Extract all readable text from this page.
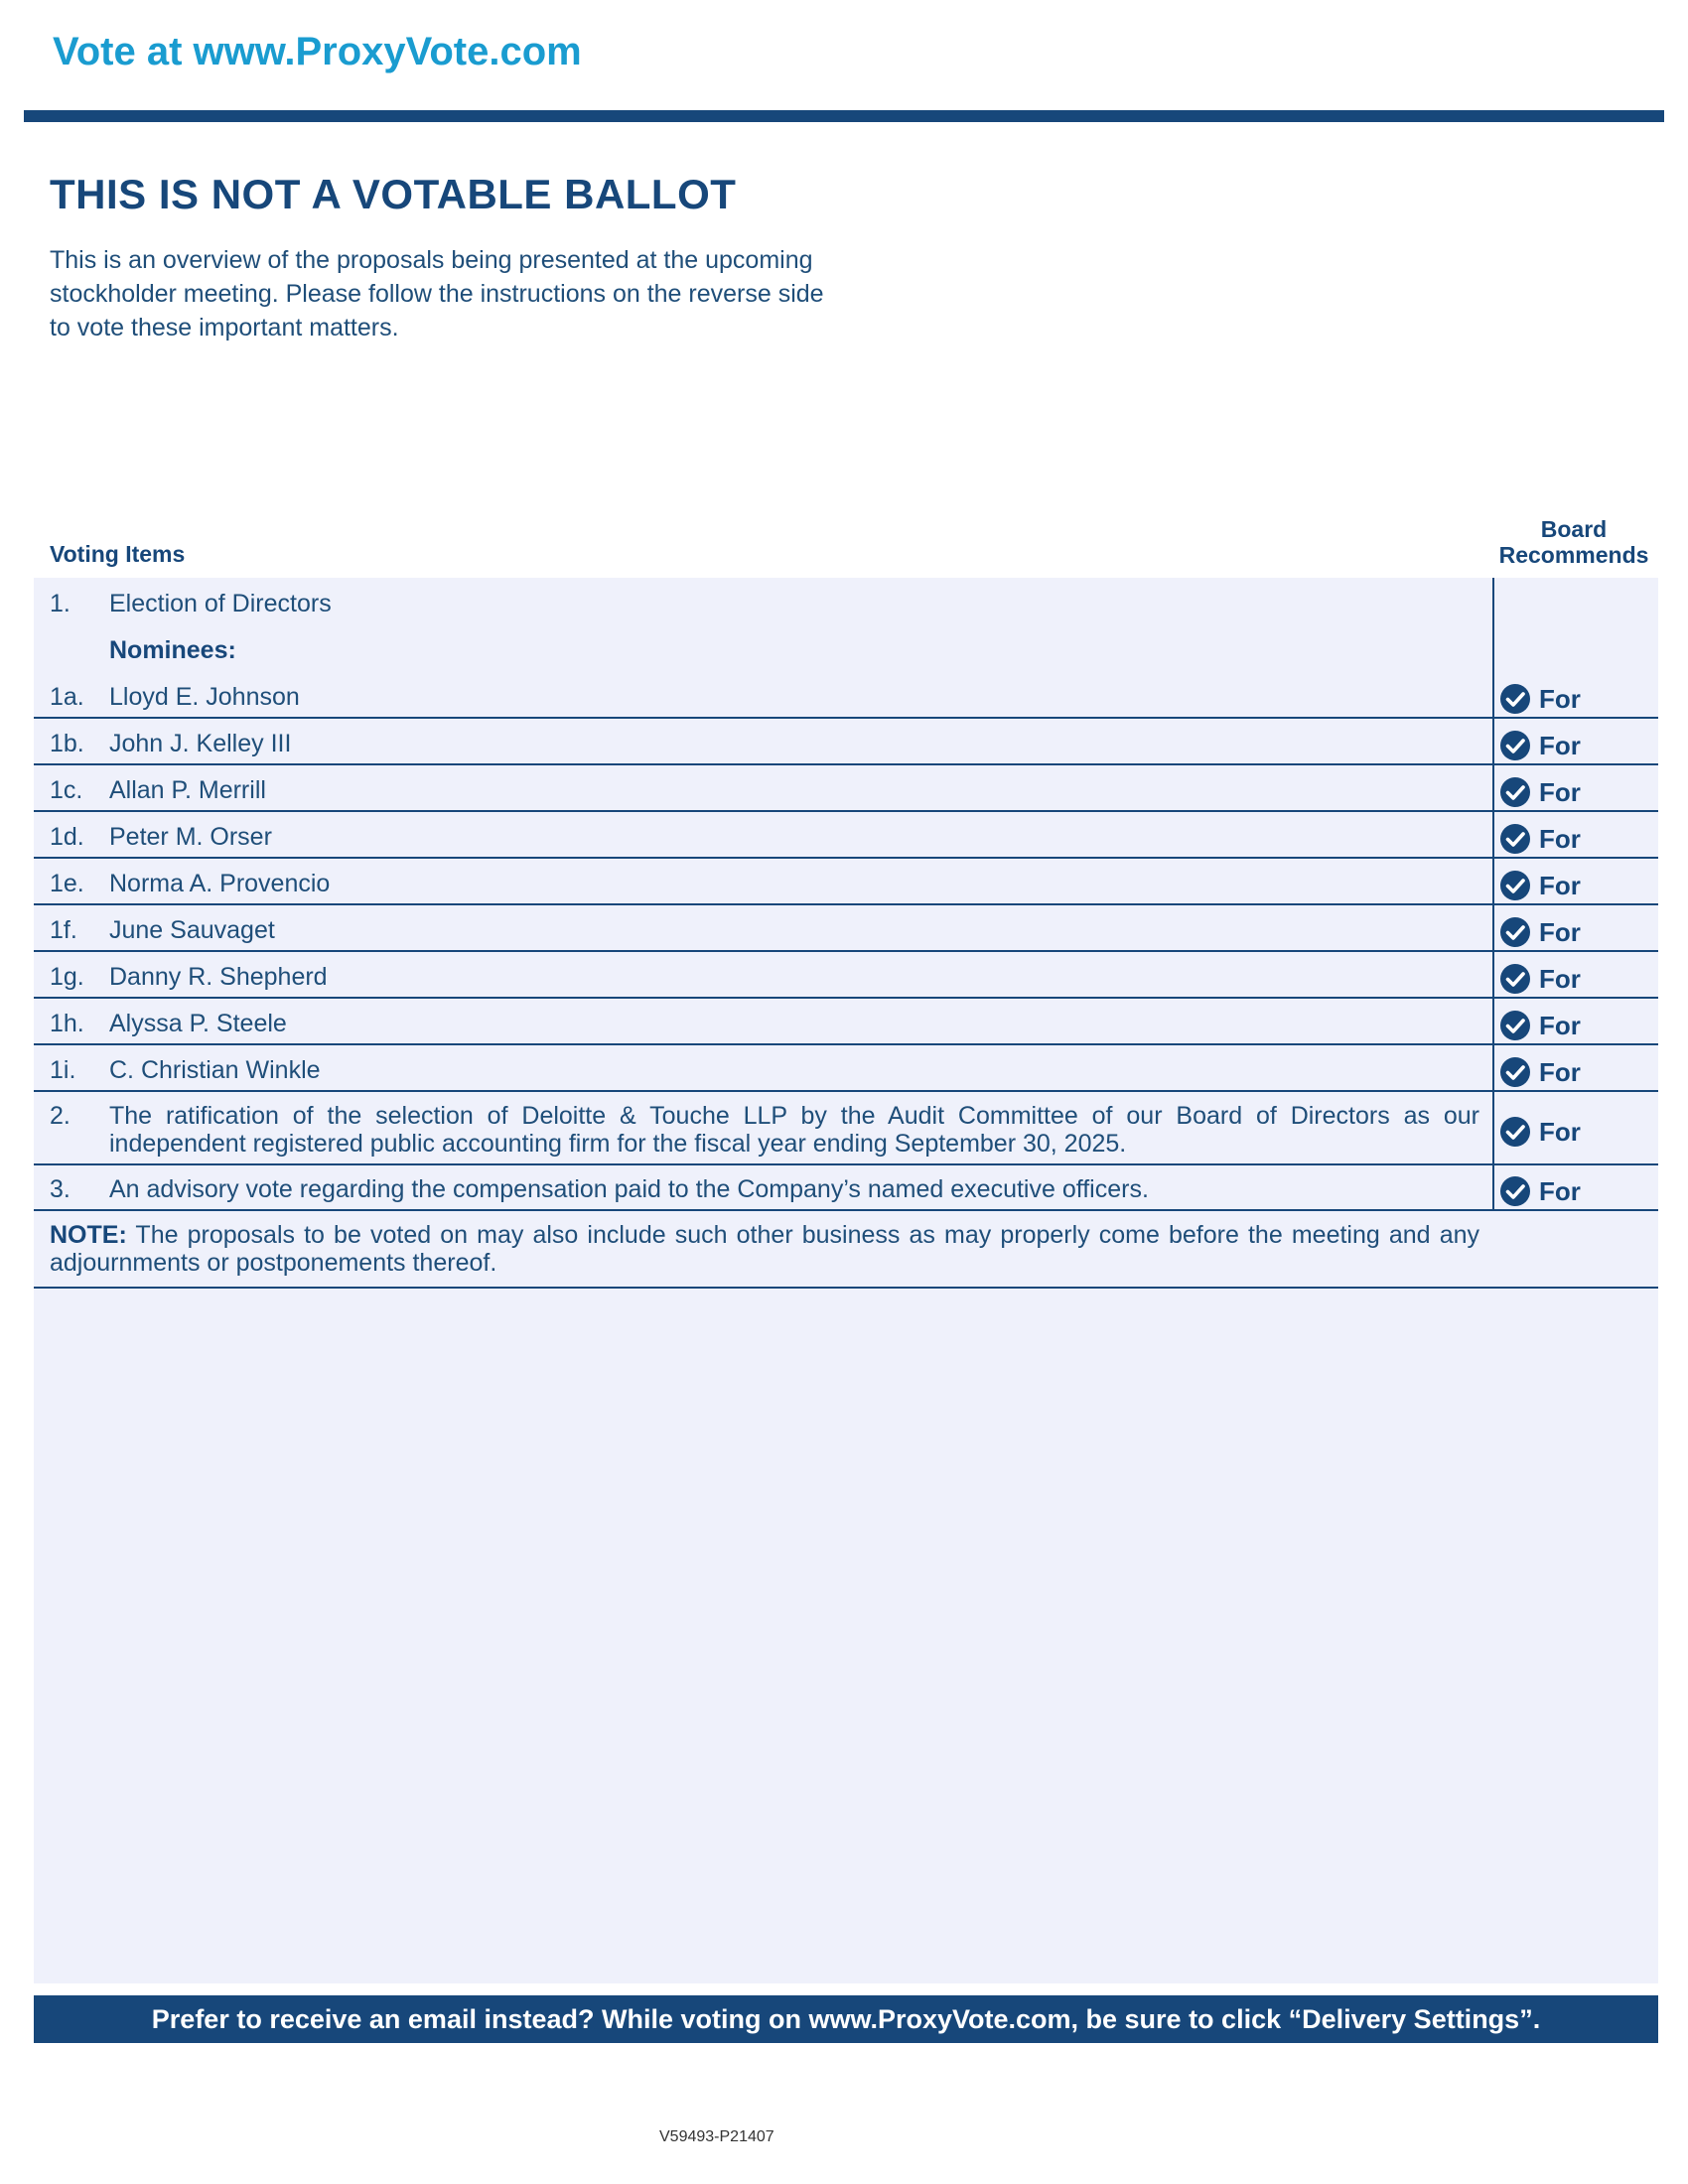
Vote at www.ProxyVote.com
THIS IS NOT A VOTABLE BALLOT
This is an overview of the proposals being presented at the upcoming stockholder meeting. Please follow the instructions on the reverse side to vote these important matters.
Voting Items
Board
Recommends
1. Election of Directors
Nominees:
1a. Lloyd E. Johnson	For
1b. John J. Kelley III	For
1c. Allan P. Merrill	For
1d. Peter M. Orser	For
1e. Norma A. Provencio	For
1f. June Sauvaget	For
1g. Danny R. Shepherd	For
1h. Alyssa P. Steele	For
1i. C. Christian Winkle	For
2. The ratification of the selection of Deloitte & Touche LLP by the Audit Committee of our Board of Directors as our independent registered public accounting firm for the fiscal year ending September 30, 2025.	For
3. An advisory vote regarding the compensation paid to the Company’s named executive officers.	For
NOTE: The proposals to be voted on may also include such other business as may properly come before the meeting and any adjournments or postponements thereof.
Prefer to receive an email instead? While voting on www.ProxyVote.com, be sure to click “Delivery Settings”.
V59493-P21407
